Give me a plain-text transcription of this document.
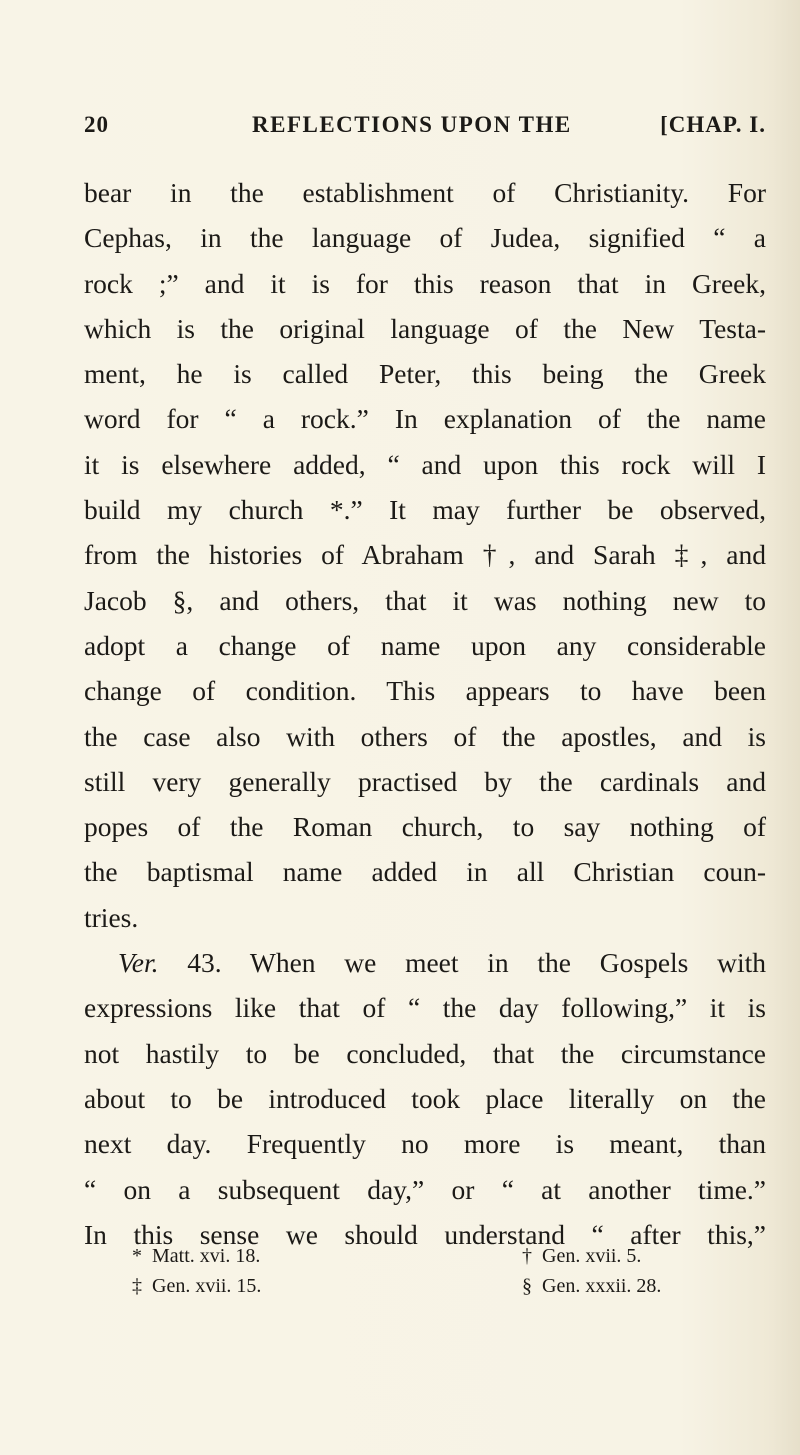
20	REFLECTIONS UPON THE	[CHAP. I.
bear in the establishment of Christianity. For
Cephas, in the language of Judea, signified “ a
rock ;” and it is for this reason that in Greek,
which is the original language of the New Testa-
ment, he is called Peter, this being the Greek
word for “ a rock.” In explanation of the name
it is elsewhere added, “ and upon this rock will I
build my church *.” It may further be observed,
from the histories of Abraham †, and Sarah ‡, and
Jacob §, and others, that it was nothing new to
adopt a change of name upon any considerable
change of condition. This appears to have been
the case also with others of the apostles, and is
still very generally practised by the cardinals and
popes of the Roman church, to say nothing of
the baptismal name added in all Christian coun-
tries.
Ver. 43. When we meet in the Gospels with
expressions like that of “ the day following,” it is
not hastily to be concluded, that the circumstance
about to be introduced took place literally on the
next day. Frequently no more is meant, than
“ on a subsequent day,” or “ at another time.”
In this sense we should understand “ after this,”
* Matt. xvi. 18.	† Gen. xvii. 5.
‡ Gen. xvii. 15.	§ Gen. xxxii. 28.
